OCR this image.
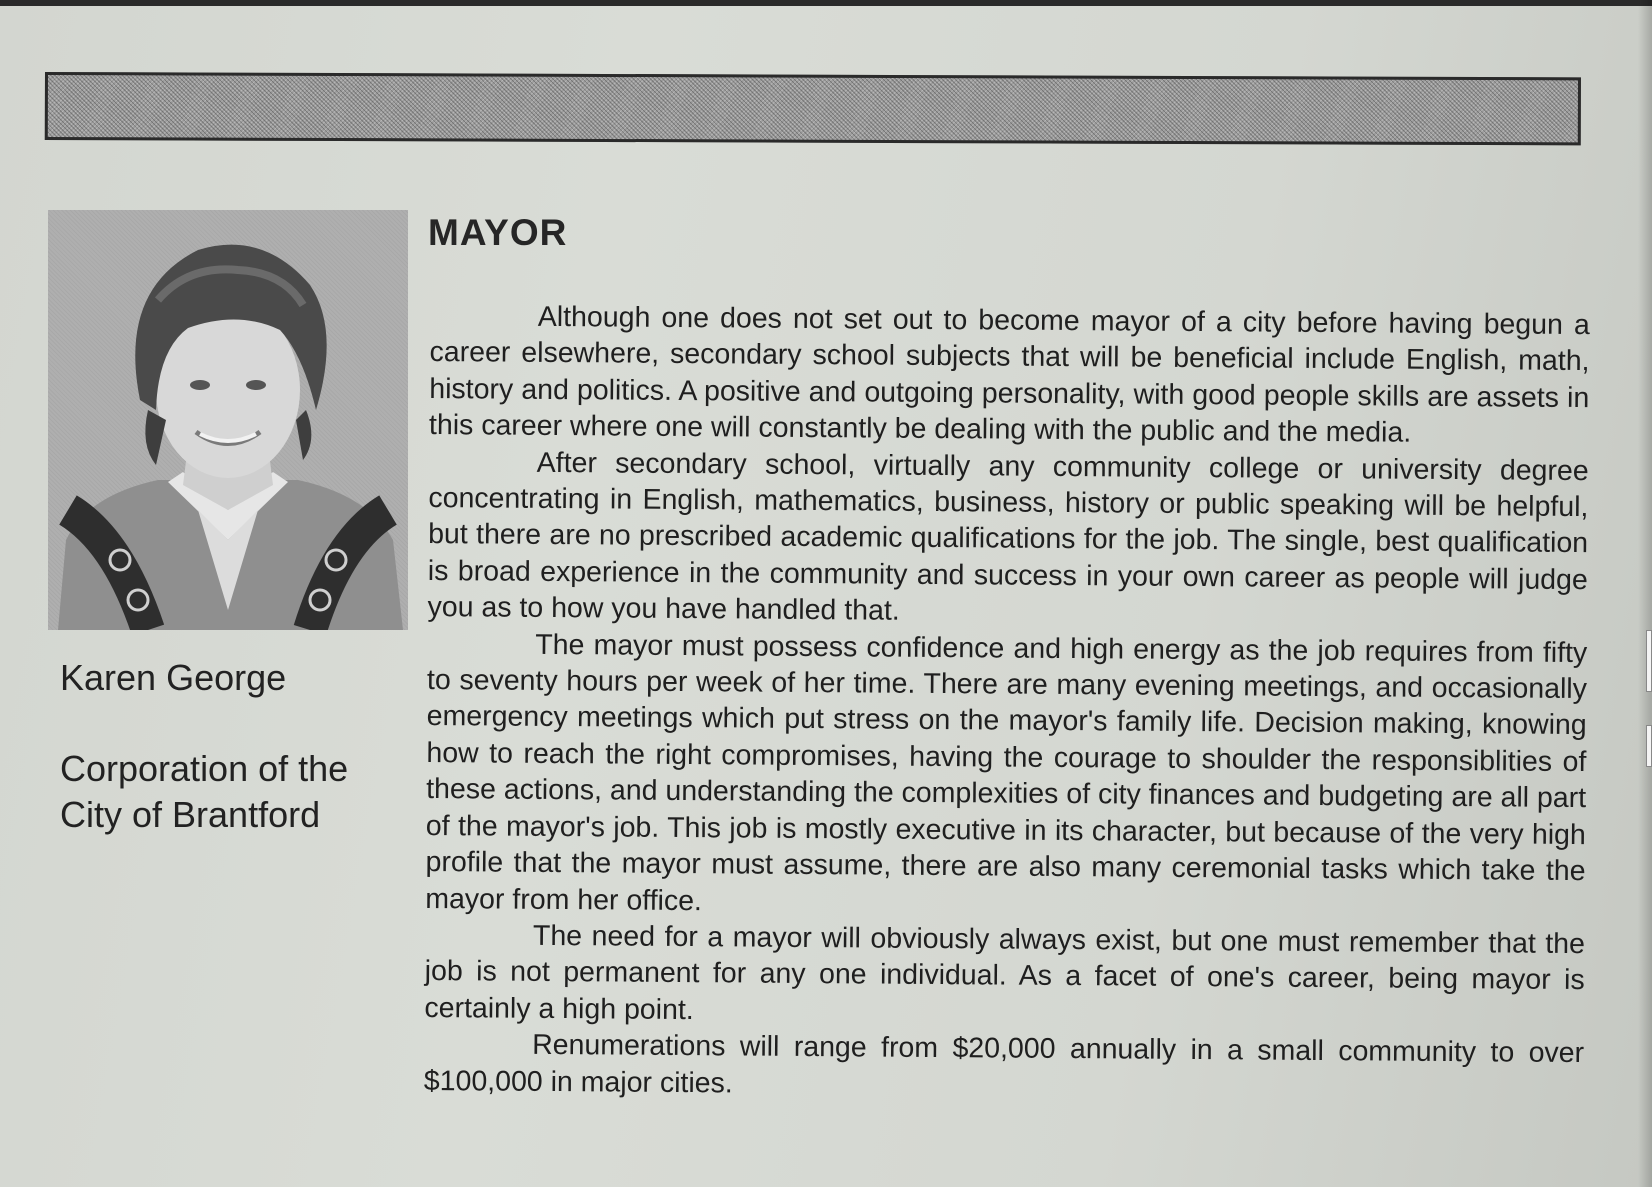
Karen George

Corporation of the
City of Brantford

MAYOR

Although one does not set out to become mayor of a city before having begun a career elsewhere, secondary school subjects that will be beneficial include English, math, history and politics. A positive and outgoing personality, with good people skills are assets in this career where one will constantly be dealing with the public and the media.

After secondary school, virtually any community college or university degree concentrating in English, mathematics, business, history or public speaking will be helpful, but there are no prescribed academic qualifications for the job. The single, best qualification is broad experience in the community and success in your own career as people will judge you as to how you have handled that.

The mayor must possess confidence and high energy as the job requires from fifty to seventy hours per week of her time. There are many evening meetings, and occasionally emergency meetings which put stress on the mayor's family life. Decision making, knowing how to reach the right compromises, having the courage to shoulder the responsiblities of these actions, and understanding the complexities of city finances and budgeting are all part of the mayor's job. This job is mostly executive in its character, but because of the very high profile that the mayor must assume, there are also many ceremonial tasks which take the mayor from her office.

The need for a mayor will obviously always exist, but one must remember that the job is not permanent for any one individual. As a facet of one's career, being mayor is certainly a high point.

Renumerations will range from $20,000 annually in a small community to over $100,000 in major cities.
